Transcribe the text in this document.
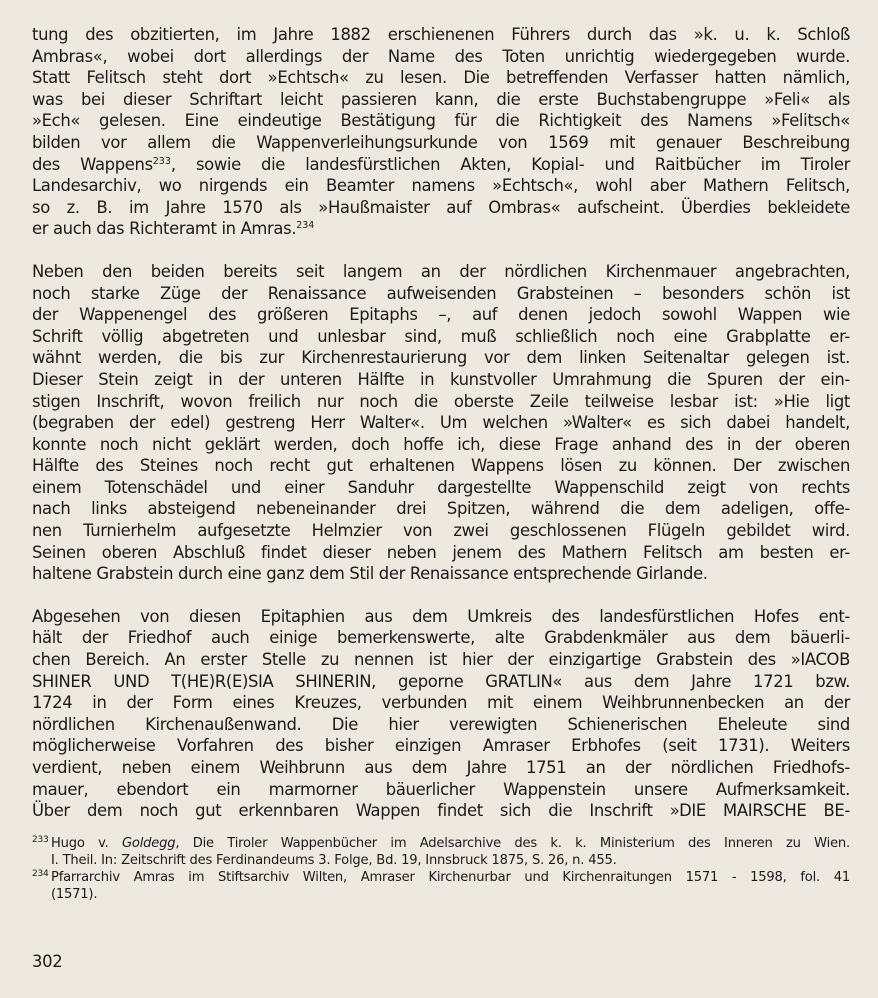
tung des obzitierten, im Jahre 1882 erschienenen Führers durch das »k. u. k. Schloß
Ambras«, wobei dort allerdings der Name des Toten unrichtig wiedergegeben wurde.
Statt Felitsch steht dort »Echtsch« zu lesen. Die betreffenden Verfasser hatten nämlich,
was bei dieser Schriftart leicht passieren kann, die erste Buchstabengruppe »Feli« als
»Ech« gelesen. Eine eindeutige Bestätigung für die Richtigkeit des Namens »Felitsch«
bilden vor allem die Wappenverleihungsurkunde von 1569 mit genauer Beschreibung
des Wappens$^{233}$, sowie die landesfürstlichen Akten, Kopial- und Raitbücher im Tiroler
Landesarchiv, wo nirgends ein Beamter namens »Echtsch«, wohl aber Mathern Felitsch,
so z. B. im Jahre 1570 als »Haußmaister auf Ombras« aufscheint. Überdies bekleidete
er auch das Richteramt in Amras.$^{234}$
Neben den beiden bereits seit langem an der nördlichen Kirchenmauer angebrachten,
noch starke Züge der Renaissance aufweisenden Grabsteinen – besonders schön ist
der Wappenengel des größeren Epitaphs –, auf denen jedoch sowohl Wappen wie
Schrift völlig abgetreten und unlesbar sind, muß schließlich noch eine Grabplatte er-
wähnt werden, die bis zur Kirchenrestaurierung vor dem linken Seitenaltar gelegen ist.
Dieser Stein zeigt in der unteren Hälfte in kunstvoller Umrahmung die Spuren der ein-
stigen Inschrift, wovon freilich nur noch die oberste Zeile teilweise lesbar ist: »Hie ligt
(begraben der edel) gestreng Herr Walter«. Um welchen »Walter« es sich dabei handelt,
konnte noch nicht geklärt werden, doch hoffe ich, diese Frage anhand des in der oberen
Hälfte des Steines noch recht gut erhaltenen Wappens lösen zu können. Der zwischen
einem Totenschädel und einer Sanduhr dargestellte Wappenschild zeigt von rechts
nach links absteigend nebeneinander drei Spitzen, während die dem adeligen, offe-
nen Turnierhelm aufgesetzte Helmzier von zwei geschlossenen Flügeln gebildet wird.
Seinen oberen Abschluß findet dieser neben jenem des Mathern Felitsch am besten er-
haltene Grabstein durch eine ganz dem Stil der Renaissance entsprechende Girlande.
Abgesehen von diesen Epitaphien aus dem Umkreis des landesfürstlichen Hofes ent-
hält der Friedhof auch einige bemerkenswerte, alte Grabdenkmäler aus dem bäuerli-
chen Bereich. An erster Stelle zu nennen ist hier der einzigartige Grabstein des »IACOB
SHINER UND T(HE)R(E)SIA SHINERIN, geporne GRATLIN« aus dem Jahre 1721 bzw.
1724 in der Form eines Kreuzes, verbunden mit einem Weihbrunnenbecken an der
nördlichen Kirchenaußenwand. Die hier verewigten Schienerischen Eheleute sind
möglicherweise Vorfahren des bisher einzigen Amraser Erbhofes (seit 1731). Weiters
verdient, neben einem Weihbrunn aus dem Jahre 1751 an der nördlichen Friedhofs-
mauer, ebendort ein marmorner bäuerlicher Wappenstein unsere Aufmerksamkeit.
Über dem noch gut erkennbaren Wappen findet sich die Inschrift »DIE MAIRSCHE BE-
233 Hugo v. Goldegg, Die Tiroler Wappenbücher im Adelsarchive des k. k. Ministerium des Inneren zu Wien.
I. Theil. In: Zeitschrift des Ferdinandeums 3. Folge, Bd. 19, Innsbruck 1875, S. 26, n. 455.
234 Pfarrarchiv Amras im Stiftsarchiv Wilten, Amraser Kirchenurbar und Kirchenraitungen 1571 - 1598, fol. 41
(1571).
302
